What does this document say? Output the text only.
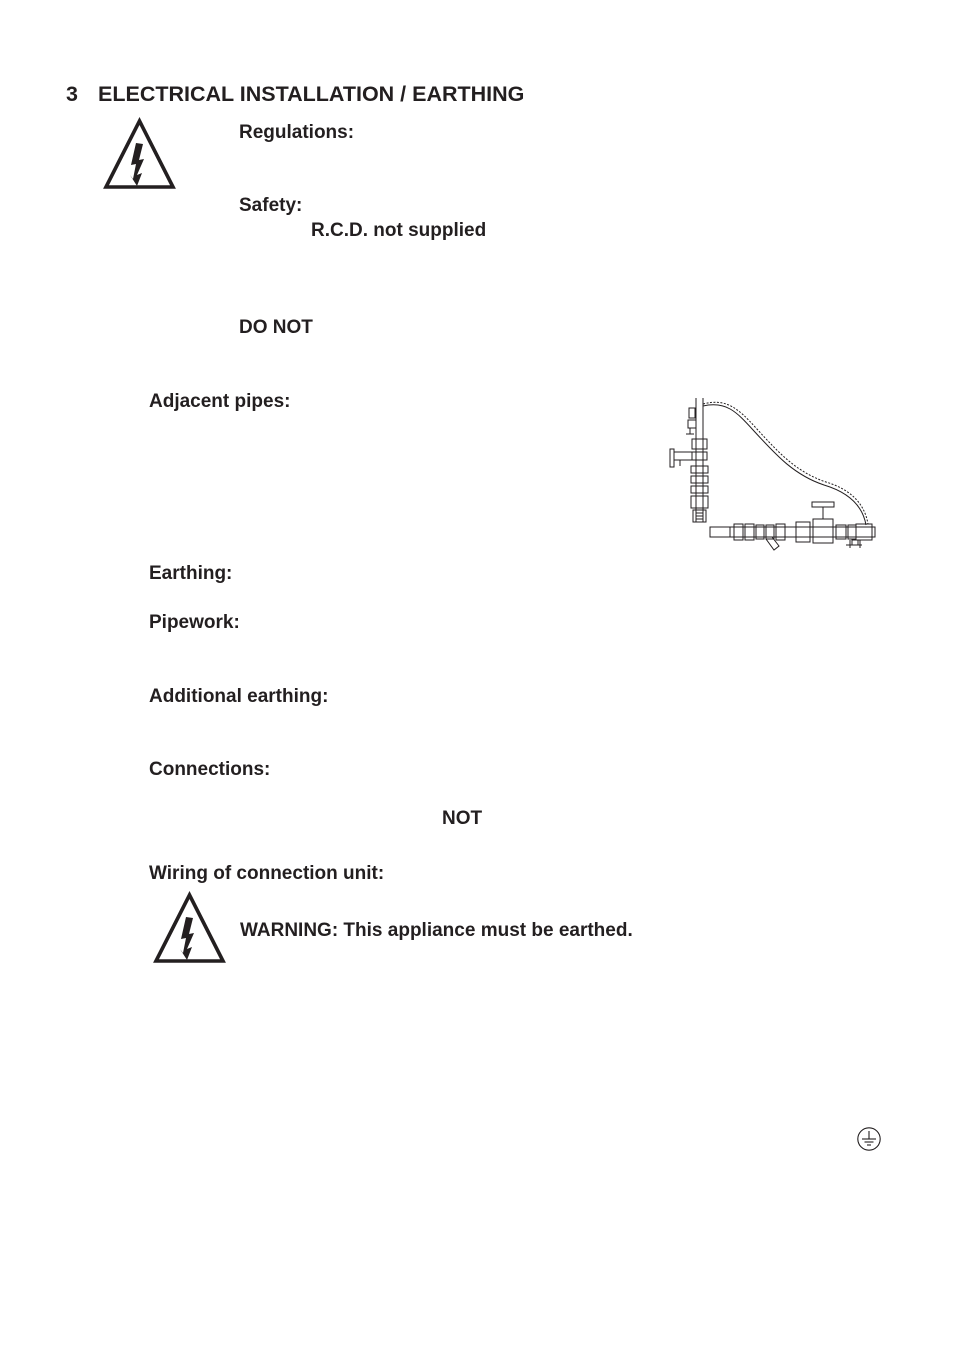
3 ELECTRICAL INSTALLATION / EARTHING

Regulations:

Safety:

R.C.D. not supplied

DO NOT

Adjacent pipes:

Earthing:

Pipework:

Additional earthing:

Connections:

NOT

Wiring of connection unit:

WARNING: This appliance must be earthed.
